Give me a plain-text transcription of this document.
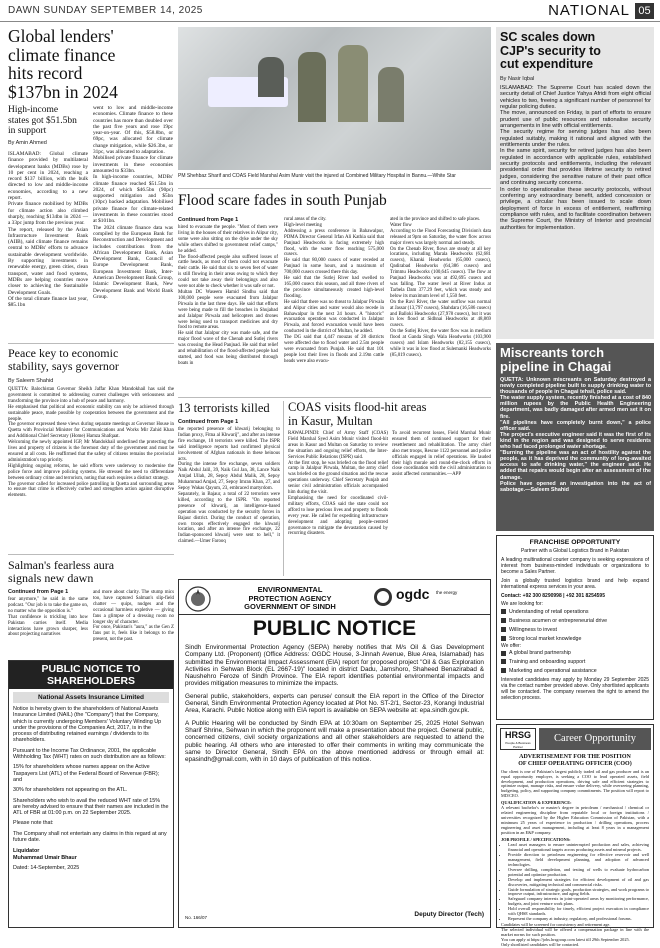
DAWN SUNDAY SEPTEMBER 14, 2025	NATIONAL 05
Global lenders'
climate finance
hits record
$137bn in 2024
High-income
states got $51.5bn
in support
By Amin Ahmed
ISLAMABAD: Global climate finance provided by multilateral development banks (MDBs) rose by 10 per cent in 2024, reaching a record $137 billion, with the bulk directed to low and middle-income economies, according to a new report.
Private finance mobilised by MDBs for climate action also climbed sharply, reaching $134bn in 2024 — a 33pc jump from the previous year.
The report, released by the Asian Infrastructure Investment Bank (AIIB), said climate finance remains central to MDBs' efforts to advance sustainable development worldwide. By supporting investments in renewable energy, green cities, clean transport, water and food systems, MDBs are helping countries move closer to achieving the Sustainable Development Goals.
Of the total climate finance last year, $85.1bn
went to low and middle-income economies. Climate finance to these countries has more than doubled over the past five years and rose 19pc year-on-year. Of this, $58.8bn, or 69pc, was allocated for climate change mitigation, while $26.3bn, or 31pc, was allocated to adaptation.
Mobilised private finance for climate investments in these economies amounted to $33bn.
In high-income countries, MDBs' climate finance reached $51.5bn in 2024, of which $46.5bn (90pc) supported mitigation and $5bn (10pc) backed adaptation. Mobilised private finance for climate-related investments in these countries stood at $101bn.
The 2024 climate finance data was compiled by the European Bank for Reconstruction and Development and includes contributions from the African Development Bank, Asian Development Bank, Council of Europe Development Bank, European Investment Bank, Inter-American Development Bank Group, Islamic Development Bank, New Development Bank and World Bank Group.
Peace key to economic
stability, says governor
By Saleem Shahid
QUETTA: Balochistan Governor Sheikh Jaffar Khan Mandokhail has said the government is committed to addressing current challenges with seriousness and transforming the province into a hub of peace and harmony.
He emphasised that political and economic stability can only be achieved through sustainable peace, made possible by cooperation between the government and the people.
The governor expressed these views during separate meetings at Governor House in Quetta with Provincial Minister for Communications and Works Mir Zahid Khan and Additional Chief Secretary (Home) Hamza Shafqaat.
Welcoming the newly appointed IGP, Mr Mandokhail underlined the protecting the lives and property of citizens is the foremost duty of the government and must be ensured at all costs. He reaffirmed that the safety of citizens remains the provincial administration's top priority.
Highlighting ongoing reforms, he said efforts were underway to modernise the police force and improve policing systems. He stressed the need to differentiate between ordinary crime and terrorism, noting that each requires a distinct strategy.
The governor called for increased police patrolling in Quetta and surrounding areas to ensure that crime is effectively curbed and strengthen action against disruptive elements.
Salman's fearless aura
signals new dawn
Continued from Page 1
fear anymore," he said in the same podcast. "Our job is to take the game on, no matter who the opposition is."
That confidence is trickling into how Pakistan carries itself. Media interactions have grown sharper, less about projecting narratives
and more about clarity. The stump mics too, have captured Salman's slip-field chatter — quips, nudges and the occasional harmless expletive — giving fans a glimpse of a dressing room no longer shy of character.
For once, Pakistan's "aura," as the Gen Z fans put it, feels like it belongs to the present, not the past.
PUBLIC NOTICE TO
SHAREHOLDERS
National Assets Insurance Limited

Notice is hereby given to the shareholders of National Assets Insurance Limited (NAIL) (the "Company") that the Company, which is currently undergoing Members' Voluntary Winding Up under the provisions of the Companies Act, 2017, is in the process of distributing retained earnings / dividends to its shareholders.

Pursuant to the Income Tax Ordinance, 2001, the applicable Withholding Tax (WHT) rates on such distribution are as follows:

15% for shareholders whose names appear on the Active Taxpayers List (ATL) of the Federal Board of Revenue (FBR); and

30% for shareholders not appearing on the ATL.

Shareholders who wish to avail the reduced WHT rate of 15% are hereby advised to ensure that their names are included in the ATL of FBR at 01:00 p.m. on 22 September 2025.

Please note that:

The Company shall not entertain any claims in this regard at any future date.

Liquidator

Muhammad Umair Bhaur

Dated: 14-September, 2025

PM Shehbaz Sharif and COAS Field Marshal Asim Munir visit the injured at Combined Military Hospital in Bannu.—White Star
Flood scare fades in south Punjab
Continued from Page 1
hired to evacuate the people. "Most of them were living in the houses of their relatives in Alipur city, some were also sitting on the dyke under the sky while others shifted to government relief camps," he added.
The flood-affected people also suffered losses of cattle heads, as most of them could not evacuate their cattle. He said that six to seven feet of water is still flowing in their areas owing to which they could not take away their belongings and also were not able to check whether it was safe or not.
Multan DC Waseem Hamid Sindhu said that 100,000 people were evacuated from Jalalpur Pirwala in the last three days. He said that efforts were being made to fill the breaches in Shujabad and Jalalpur Pirwala and helicopters and drones were being used to transport medicines and dry food to remote areas.
He said that Jalalpur city was made safe, and the major flood wave of the Chenab and Sutlej rivers was crossing the Head Panjnad. He said that relief and rehabilitation of the flood-affected people had started, and food was being distributed through boats in
rural areas of the city.
High-level meeting
Addressing a press conference in Bahawalpur, PDMA Director General Irfan Ali Kathia said that Panjnad Headworks is facing extremely high flood, with the water flow reaching 575,000 cusecs.
He said that 80,000 cusecs of water receded at Panjnad in some hours, and a maximum of 700,000 cusecs crossed there this day.
He said that the Sutlej River had swelled to 165,000 cusecs this season, and all three rivers of the province simultaneously created high-level flooding.
He said that there was no threat to Jalalpur Pirwala and Alipur cities and water would also recede in Bahawalpur in the next 24 hours. A "historic" evacuation operation was conducted in Jalalpur Pirwala, and forced evacuation would have been conducted in the district of Multan, he added.
The DG said that 4,447 mouzas of 28 districts were affected due to flood water and 2.5m people were evacuated from Punjab. He said that 101 people lost their lives in floods and 2.19m cattle heads were also evacu-
ated in the province and shifted to safe places.
Water flow
According to the Flood Forecasting Division's data released at 9pm on Saturday, the water flow across major rivers was largely normal and steady.
On the Chenab River, flows are steady at all key locations, including Marala Headworks (62,681 cusecs), Khanki Headworks (65,000 cusecs), Qadirabad Headworks (64,386 cusecs) and Trimmu Headworks (100,645 cusecs). The flow at Panjnad Headworks was at 492,695 cusecs and was falling. The water level at River Indus at Tarbela Dam 377.29 feet, which was steady and below its maximum level of 1,550 feet.
On the Ravi River, the water outflow was normal at Jassar (13,797 cusecs), Shahdara (16,586 cusecs) and Balloki Headworks (27,978 cusecs), but it was in low flood at Sidhnai Headworks at 48,869 cusecs.
On the Sutlej River, the water flow was in medium flood at Ganda Singh Wala Headworks (103,900 cusecs) and Islam Headworks (82,155 cusecs), while it was in low flood at Sulemanki Headworks (85,019 cusecs).
13 terrorists killed
Continued from Page 1
the reported presence of khwarij belonging to Indian proxy, Fitna al Khwarij", and after an intense fire exchange, 10 terrorists were killed. The ISPR said intelligence reports had confirmed physical involvement of Afghan nationals in these heinous acts.
During the intense fire exchange, seven soldiers Naik Abdul Jalil, 39, Naik Gul Jan, 38, Lance Naik Amjad Ullah, 28, Sepoy Abdul Malik, 28, Sepoy Muhammad Amjad, 27, Sepoy Imran Khan, 27, and Sepoy Wakas Qayum, 23, embraced martyrdom.
Separately, in Bajaur, a total of 22 terrorists were killed, according to the ISPR. "On reported presence of khwarij, an intelligence-based operation was conducted by the security forces in Bajaur district. During the conduct of operation, own troops effectively engaged the khwarij location, and after an intense fire exchange, 22 Indian-sponsored khwarij were sent to hell," it claimed.—Umer Farooq
COAS visits flood-hit areas
in Kasur, Multan
RAWALPINDI: Chief of Army Staff (COAS) Field Marshal Syed Asim Munir visited flood-hit areas in Kasur and Multan on Saturday to review the situation and ongoing relief efforts, the Inter-Services Public Relations (ISPR) said.
At the first stop, he was briefed on the flood relief camp in Jalalpur Pirwala, Multan, the army chief was briefed on the ground situation and the rescue operations underway. Chief Secretary Punjab and senior civil administration officials accompanied him during the visit.
Emphasising the need for coordinated civil-military efforts, COAS said the state could not afford to lose precious lives and property to floods every year. He called for expediting infrastructure development and adopting people-centred governance to mitigate the devastation caused by recurring disasters.
To avoid recurrent losses, Field Marshal Munir ensured them of continued support for their resettlement and rehabilitation. The army chief also met troops, Rescue 1122 personnel and police officials engaged in relief operations. He lauded their high morale and round-the-clock efforts in close coordination with the civil administration to assist affected communities.—APP
ENVIRONMENTAL
PROTECTION AGENCY
GOVERNMENT OF SINDH
ogdc the energy
PUBLIC NOTICE

Sindh Environmental Protection Agency (SEPA) hereby notifies that M/s Oil & Gas Development Company Ltd. (Proponent) (Office Address: OGDC House, 3-Jinnah Avenue, Blue Area, Islamabad) has submitted the Environmental Impact Assessment (EIA) report for proposed project "Oil & Gas Exploration Activities in Sehwan Block (EL 2667-19)" located in district Dadu, Jamshoro, Shaheed Benazirabad & Naushehro Feroze of Sindh Province. The EIA report identifies potential environmental impacts and provides mitigation measures to minimize the impacts.

General public, stakeholders, experts can peruse/ consult the EIA report in the Office of the Director General, Sindh Environmental Protection Agency located at Plot No. ST-2/1, Sector-23, Korangi Industrial Area, Karachi. Public Notice along with EIA report is available on SEPA website at: epa.sindh.gov.pk.

A Public Hearing will be conducted by Sindh EPA at 10:30am on September 25, 2025 Hotel Sehwan Sharif Shrine, Sehwan in which the proponent will make a presentation about the project. General public, concerned citizens, civil society organizations and all other stakeholders are requested to attend the public hearing. All others who are interested to offer their comments in writing may communicate the same to Director General, Sindh EPA on the above mentioned address or through email at: epasindh@gmail.com, with in 10 days of publication of this notice.

Deputy Director (Tech)
No. 166/07
SC scales down
CJP's security to
cut expenditure
By Nasir Iqbal
ISLAMABAD: The Supreme Court has scaled down the security detail of Chief Justice Yahya Afridi from eight official vehicles to two, freeing a significant number of personnel for regular policing duties.
The move, announced on Friday, is part of efforts to ensure prudent use of public resources and rationalise security arrangements in line with official entitlements.
The security regime for serving judges has also been regulated suitably, making it rational and aligned with the entitlements under the rules.
In the same spirit, security for retired judges has also been regulated in accordance with applicable rules, established security protocols and entitlements, including the relevant presidential order that provides lifetime security to retired judges, considering the sensitive nature of their past office and continuing security concerns.
In order to operationalise these security protocols, without conferring any extraordinary benefit, added concession or privilege, a circular has been issued to scale down deployment of force in excess of entitlement, reaffirming compliance with rules, and to facilitate coordination between the Supreme Court, the Ministry of Interior and provincial authorities for implementation.
Miscreants torch
pipeline in Chagai
QUETTA: Unknown miscreants on Saturday destroyed a newly completed pipeline built to supply drinking water to thousands of people in Chagai tehsil, police said.
The water supply system, recently finished at a cost of 840 million rupees by the Public Health Engineering department, was badly damaged after armed men set it on fire.
"All pipelines have completely burnt down," a police officer said.
The project's executive engineer said it was the first of its kind in the region and was designed to serve residents who had faced prolonged water shortage.
"Burning the pipeline was an act of hostility against the people, as it has deprived the community of long-awaited access to safe drinking water," the engineer said. He added that repairs would begin after an assessment of the damage.
Police have opened an investigation into the act of sabotage.—Saleem Shahid
FRANCHISE OPPORTUNITY
Partner with a Global Logistics Brand in Pakistan

A leading multinational courier company is seeking expressions of interest from business-minded individuals or organizations to become a Sales Partner.

Join a globally trusted logistics brand and help expand international express services in your area.

Contact: +92 300 8290998 | +92 301 8254595

We are looking for:

Understanding of retail operations
Business acumen or entrepreneurial drive
Willingness to invest
Strong local market knowledge

We offer:

A global brand partnership
Training and onboarding support
Marketing and operational assistance

Interested candidates may apply by Monday 29 September 2025 via the contact number provided above. Only shortlisted applicants will be contacted. The company reserves the right to amend the selection process.

HRSG
People & Business Partner
Career Opportunity

ADVERTISEMENT FOR THE POSITION
OF CHIEF OPERATING OFFICER (COO)

Our client is one of Pakistan's largest publicly traded oil and gas producer and is an equal opportunity employer, is seeking a COO to lead operated assets, field development, and production operations, driving safe and efficient strategies to optimize output, manage risks, and ensure value delivery, while overseeing planning, budgeting, policy, and supporting company commitments. The position will report to MD/CEO.

QUALIFICATION & EXPERIENCE:

A relevant bachelor's or master's degree in petroleum / mechanical / chemical or related engineering discipline from reputable local or foreign institutions / universities recognized by the Higher Education Commission of Pakistan, with a minimum 25 years of experience in production / drilling operations, process engineering and asset management, including at least 8 years in a management position in an E&P company.

JOB PROFILE / SPECIFICATIONS:

• Lead asset managers to ensure uninterrupted production and sales, achieving financial and operational targets across producing assets and mineral projects.
• Provide direction to petroleum engineering for effective reservoir and well management, field development planning, and adoption of advanced technologies.
• Oversee drilling, completion, and testing of wells to evaluate hydrocarbon potential and optimize production.
• Develop and implement strategies for efficient development of oil and gas discoveries, mitigating technical and commercial risks.
• Guide formulation of strategic goals, production strategies, and work programs to improve output, infrastructure, and aging fields.
• Safeguard company interests in joint-operated areas by monitoring performance, budgets, and joint venture work plans.
• Hold overall responsibility for timely, efficient project execution in compliance with QHSE standards.
• Represent the company at industry, regulatory, and professional forums.

Candidates will be screened for consistency and retirement age.

The selected individual will be offered a compensation package in line with the market norms for such position.

You can apply at https://jobs.hrsgroup.com latest till 29th September 2025.
Only shortlisted candidates will be contacted.
